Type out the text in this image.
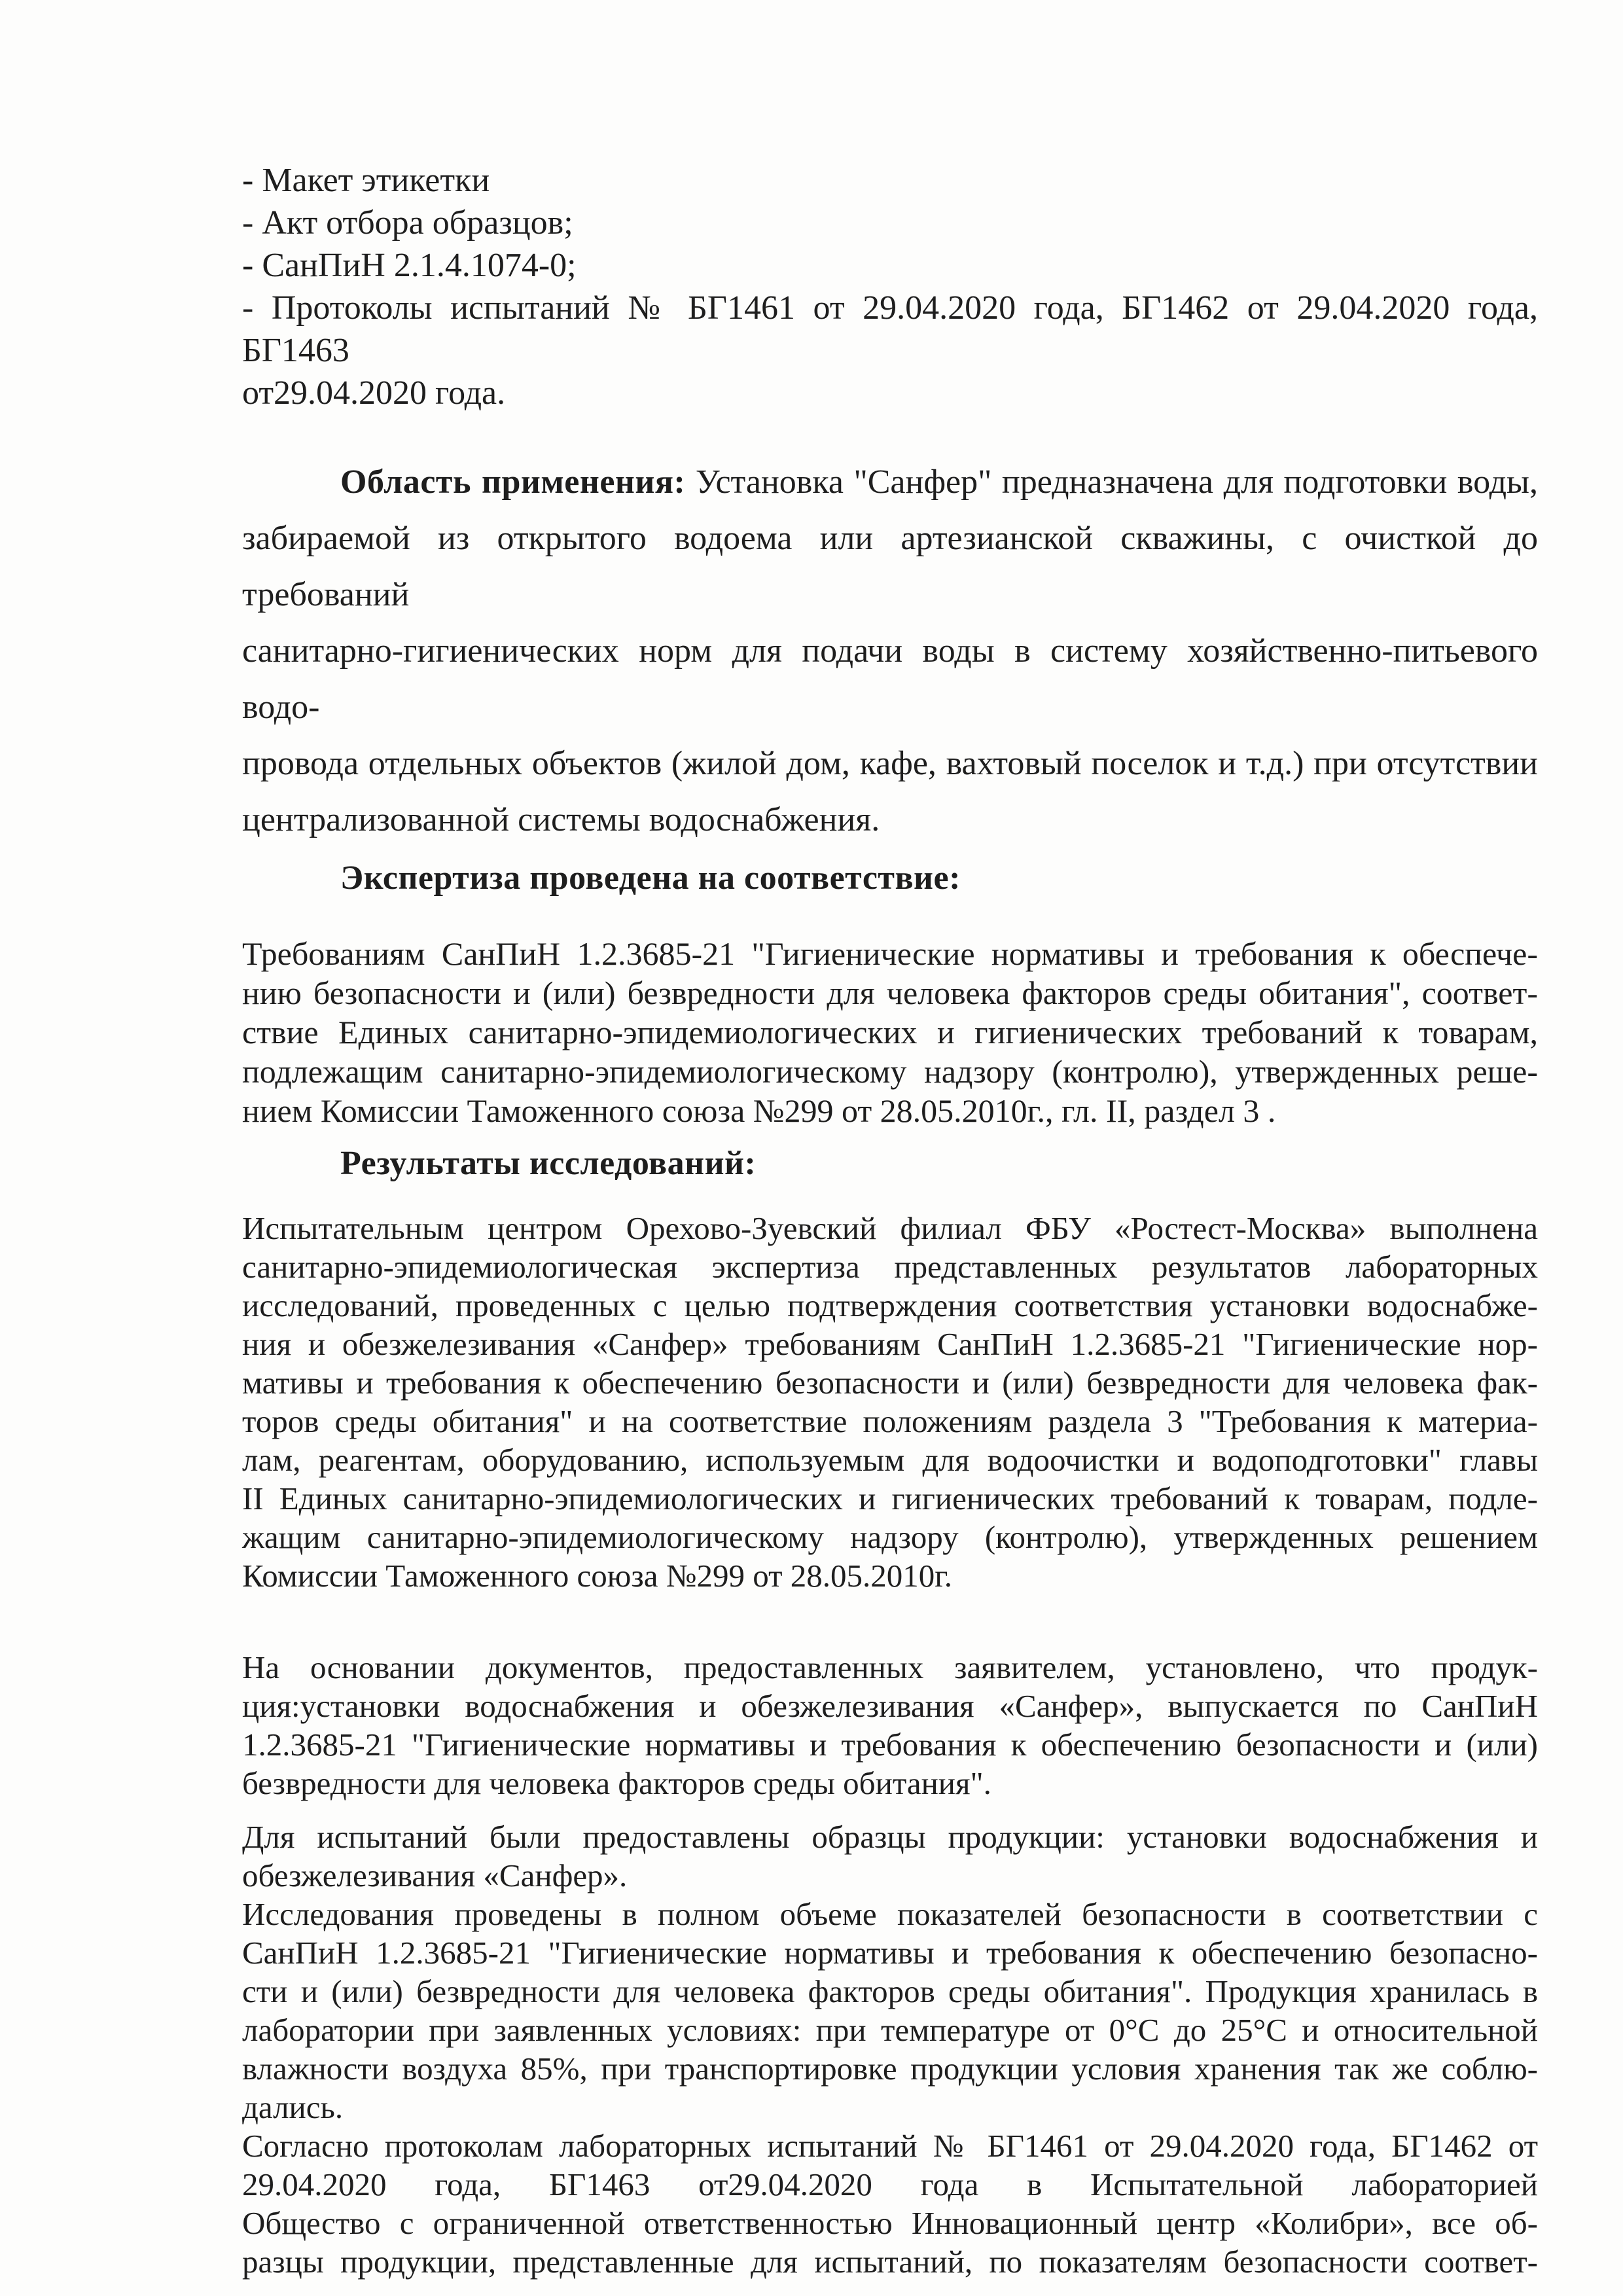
- Макет этикетки
- Акт отбора образцов;
- СанПиН 2.1.4.1074-0;
- Протоколы испытаний № БГ1461 от 29.04.2020 года, БГ1462 от 29.04.2020 года, БГ1463
от29.04.2020 года.
Область применения: Установка "Санфер" предназначена для подготовки воды,
забираемой из открытого водоема или артезианской скважины, с очисткой до требований
санитарно-гигиенических норм для подачи воды в систему хозяйственно-питьевого водо-
провода отдельных объектов (жилой дом, кафе, вахтовый поселок и т.д.) при отсутствии
централизованной системы водоснабжения.
Экспертиза проведена на соответствие:
Требованиям СанПиН 1.2.3685-21 "Гигиенические нормативы и требования к обеспече-
нию безопасности и (или) безвредности для человека факторов среды обитания", соответ-
ствие Единых санитарно-эпидемиологических и гигиенических требований к товарам,
подлежащим санитарно-эпидемиологическому надзору (контролю), утвержденных реше-
нием Комиссии Таможенного союза №299 от 28.05.2010г., гл. II, раздел 3 .
Результаты исследований:
Испытательным центром Орехово-Зуевский филиал ФБУ «Ростест-Москва» выполнена
санитарно-эпидемиологическая экспертиза представленных результатов лабораторных
исследований, проведенных с целью подтверждения соответствия установки водоснабже-
ния и обезжелезивания «Санфер» требованиям СанПиН 1.2.3685-21 "Гигиенические нор-
мативы и требования к обеспечению безопасности и (или) безвредности для человека фак-
торов среды обитания" и на соответствие положениям раздела 3 "Требования к материа-
лам, реагентам, оборудованию, используемым для водоочистки и водоподготовки" главы
II Единых санитарно-эпидемиологических и гигиенических требований к товарам, подле-
жащим санитарно-эпидемиологическому надзору (контролю), утвержденных решением
Комиссии Таможенного союза №299 от 28.05.2010г.
На основании документов, предоставленных заявителем, установлено, что продук-
ция:установки водоснабжения и обезжелезивания «Санфер», выпускается по СанПиН
1.2.3685-21 "Гигиенические нормативы и требования к обеспечению безопасности и (или)
безвредности для человека факторов среды обитания".
Для испытаний были предоставлены образцы продукции: установки водоснабжения и
обезжелезивания «Санфер».
Исследования проведены в полном объеме показателей безопасности в соответствии с
СанПиН 1.2.3685-21 "Гигиенические нормативы и требования к обеспечению безопасно-
сти и (или) безвредности для человека факторов среды обитания". Продукция хранилась в
лаборатории при заявленных условиях: при температуре от 0°С до 25°С и относительной
влажности воздуха 85%, при транспортировке продукции условия хранения так же соблю-
дались.
Согласно протоколам лабораторных испытаний № БГ1461 от 29.04.2020 года, БГ1462 от
29.04.2020 года, БГ1463 от29.04.2020 года в Испытательной лабораторией
Общество с ограниченной ответственностью Инновационный центр «Колибри», все об-
разцы продукции, представленные для испытаний, по показателям безопасности соответ-
